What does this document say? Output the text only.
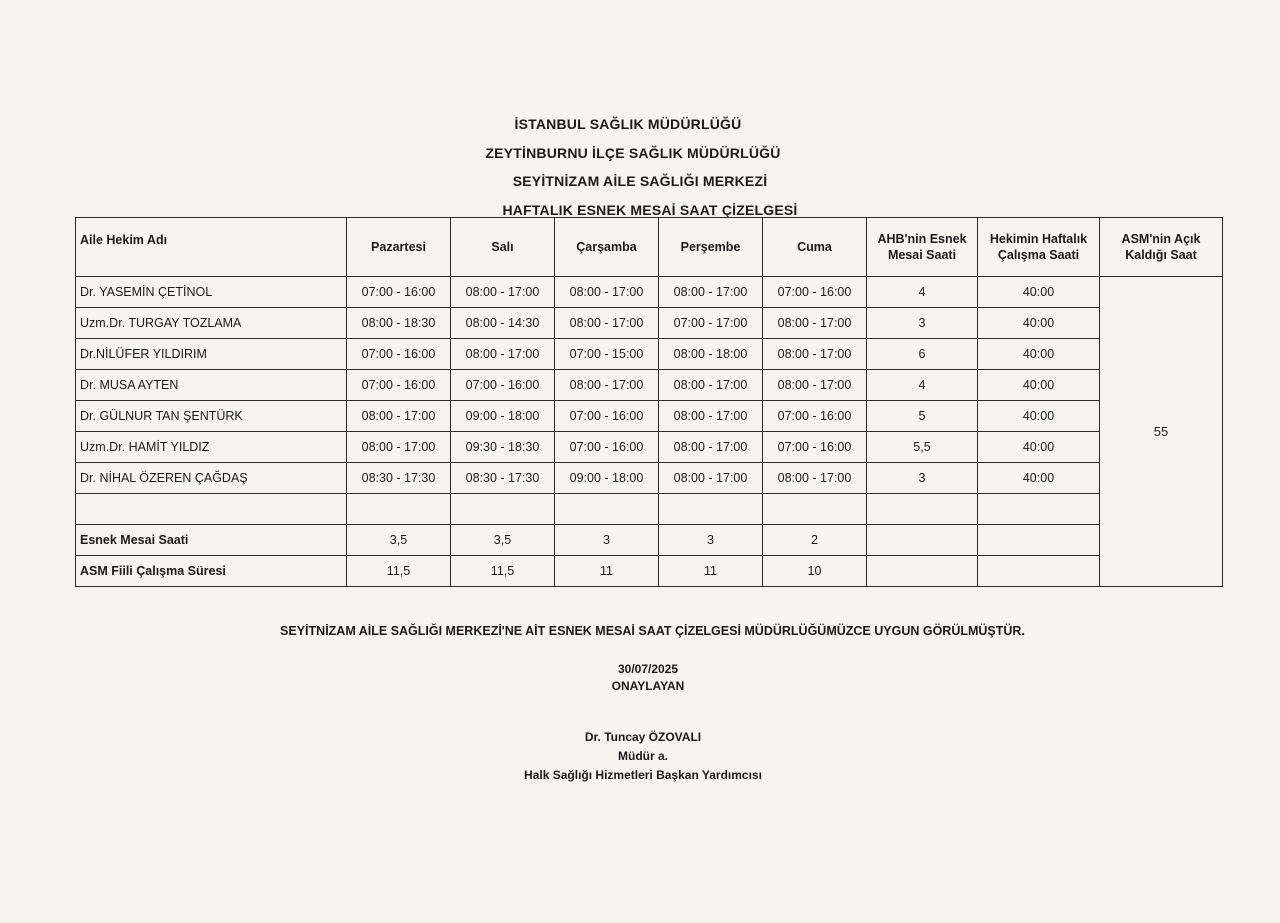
İSTANBUL SAĞLIK MÜDÜRLÜĞÜ
ZEYTİNBURNU İLÇE SAĞLIK MÜDÜRLÜĞÜ
SEYİTNİZAM AİLE SAĞLIĞI MERKEZİ
HAFTALIK ESNEK MESAİ SAAT ÇİZELGESİ
Aile Hekim Adı	Pazartesi	Salı	Çarşamba	Perşembe	Cuma	AHB'nin Esnek Mesai Saati	Hekimin Haftalık Çalışma Saati	ASM'nin Açık Kaldığı Saat
Dr. YASEMİN ÇETİNOL	07:00 - 16:00	08:00 - 17:00	08:00 - 17:00	08:00 - 17:00	07:00 - 16:00	4	40:00	55
Uzm.Dr. TURGAY TOZLAMA	08:00 - 18:30	08:00 - 14:30	08:00 - 17:00	07:00 - 17:00	08:00 - 17:00	3	40:00	
Dr.NİLÜFER YILDIRIM	07:00 - 16:00	08:00 - 17:00	07:00 - 15:00	08:00 - 18:00	08:00 - 17:00	6	40:00	
Dr. MUSA AYTEN	07:00 - 16:00	07:00 - 16:00	08:00 - 17:00	08:00 - 17:00	08:00 - 17:00	4	40:00	
Dr. GÜLNUR TAN ŞENTÜRK	08:00 - 17:00	09:00 - 18:00	07:00 - 16:00	08:00 - 17:00	07:00 - 16:00	5	40:00	
Uzm.Dr. HAMİT YILDIZ	08:00 - 17:00	09:30 - 18:30	07:00 - 16:00	08:00 - 17:00	07:00 - 16:00	5,5	40:00	
Dr. NİHAL ÖZEREN ÇAĞDAŞ	08:30 - 17:30	08:30 - 17:30	09:00 - 18:00	08:00 - 17:00	08:00 - 17:00	3	40:00	

Esnek Mesai Saati	3,5	3,5	3	3	2			
ASM Fiili Çalışma Süresi	11,5	11,5	11	11	10			
SEYİTNİZAM AİLE SAĞLIĞI MERKEZİ'NE AİT ESNEK MESAİ SAAT ÇİZELGESİ MÜDÜRLÜĞÜMÜZCE UYGUN GÖRÜLMÜŞTÜR.
30/07/2025
ONAYLAYAN
Dr. Tuncay ÖZOVALI
Müdür a.
Halk Sağlığı Hizmetleri Başkan Yardımcısı
